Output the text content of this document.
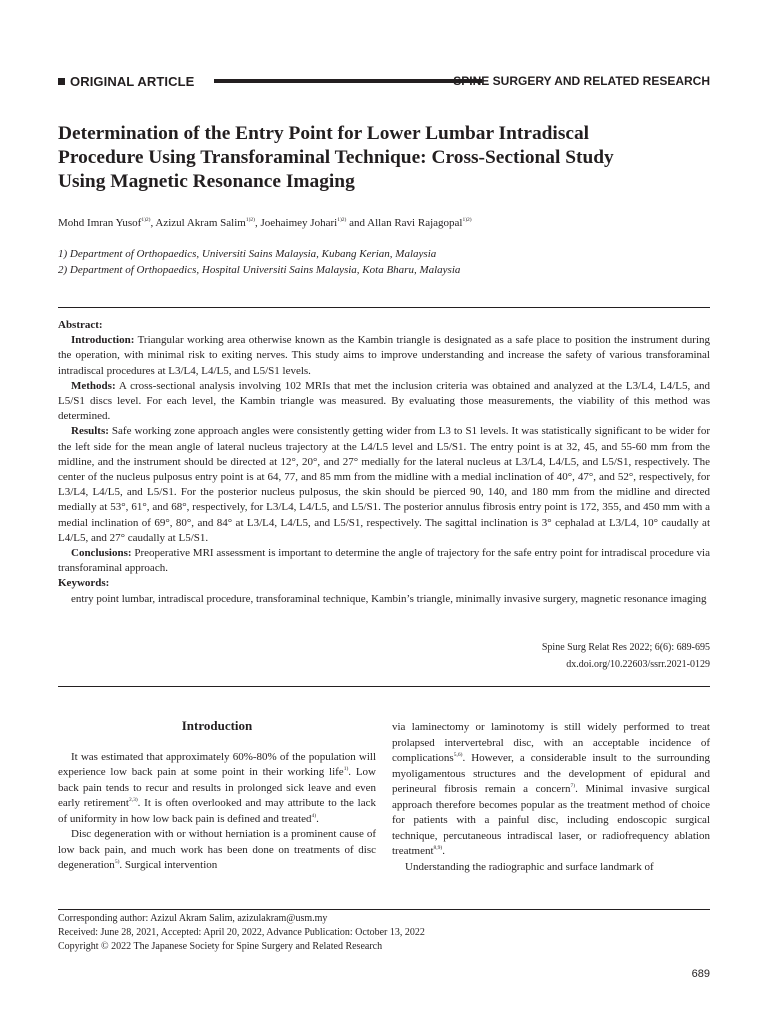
ORIGINAL ARTICLE	SPINE SURGERY AND RELATED RESEARCH
Determination of the Entry Point for Lower Lumbar Intradiscal
Procedure Using Transforaminal Technique: Cross-Sectional Study
Using Magnetic Resonance Imaging
Mohd Imran Yusof$^{1)2)}$, Azizul Akram Salim$^{1)2)}$, Joehaimey Johari$^{1)2)}$ and Allan Ravi Rajagopal$^{1)2)}$
1) Department of Orthopaedics, Universiti Sains Malaysia, Kubang Kerian, Malaysia
2) Department of Orthopaedics, Hospital Universiti Sains Malaysia, Kota Bharu, Malaysia

Abstract:

Introduction: Triangular working area otherwise known as the Kambin triangle is designated as a safe place to position the instrument during the operation, with minimal risk to exiting nerves. This study aims to improve understanding and increase the safety of various transforaminal intradiscal procedures at L3/L4, L4/L5, and L5/S1 levels.

Methods: A cross-sectional analysis involving 102 MRIs that met the inclusion criteria was obtained and analyzed at the L3/L4, L4/L5, and L5/S1 discs level. For each level, the Kambin triangle was measured. By evaluating those measurements, the viability of this method was determined.

Results: Safe working zone approach angles were consistently getting wider from L3 to S1 levels. It was statistically significant to be wider for the left side for the mean angle of lateral nucleus trajectory at the L4/L5 level and L5/S1. The entry point is at 32, 45, and 55-60 mm from the midline, and the instrument should be directed at 12°, 20°, and 27° medially for the lateral nucleus at L3/L4, L4/L5, and L5/S1, respectively. The center of the nucleus pulposus entry point is at 64, 77, and 85 mm from the midline with a medial inclination of 40°, 47°, and 52°, respectively, for L3/L4, L4/L5, and L5/S1. For the posterior nucleus pulposus, the skin should be pierced 90, 140, and 180 mm from the midline and directed medially at 53°, 61°, and 68°, respectively, for L3/L4, L4/L5, and L5/S1. The posterior annulus fibrosis entry point is 172, 355, and 450 mm with a medial inclination of 69°, 80°, and 84° at L3/L4, L4/L5, and L5/S1, respectively. The sagittal inclination is 3° cephalad at L3/L4, 10° caudally at L4/L5, and 27° caudally at L5/S1.

Conclusions: Preoperative MRI assessment is important to determine the angle of trajectory for the safe entry point for intradiscal procedure via transforaminal approach.

Keywords:

entry point lumbar, intradiscal procedure, transforaminal technique, Kambin’s triangle, minimally invasive surgery, magnetic resonance imaging

Spine Surg Relat Res 2022; 6(6): 689-695
dx.doi.org/10.22603/ssrr.2021-0129
Introduction

It was estimated that approximately 60%-80% of the population will experience low back pain at some point in their working life$^{1)}$. Low back pain tends to recur and results in prolonged sick leave and even early retirement$^{2,3)}$. It is often overlooked and may attribute to the lack of uniformity in how low back pain is defined and treated$^{4)}$.

Disc degeneration with or without herniation is a prominent cause of low back pain, and much work has been done on treatments of disc degeneration$^{5)}$. Surgical intervention

via laminectomy or laminotomy is still widely performed to treat prolapsed intervertebral disc, with an acceptable incidence of complications$^{5,6)}$. However, a considerable insult to the surrounding myoligamentous structures and the development of epidural and perineural fibrosis remain a concern$^{7)}$. Minimal invasive surgical approach therefore becomes popular as the treatment method of choice for patients with a painful disc, including endoscopic surgical technique, percutaneous intradiscal laser, or radiofrequency ablation treatment$^{8,9)}$.

Understanding the radiographic and surface landmark of

Corresponding author: Azizul Akram Salim, azizulakram@usm.my
Received: June 28, 2021, Accepted: April 20, 2022, Advance Publication: October 13, 2022
Copyright © 2022 The Japanese Society for Spine Surgery and Related Research
689
